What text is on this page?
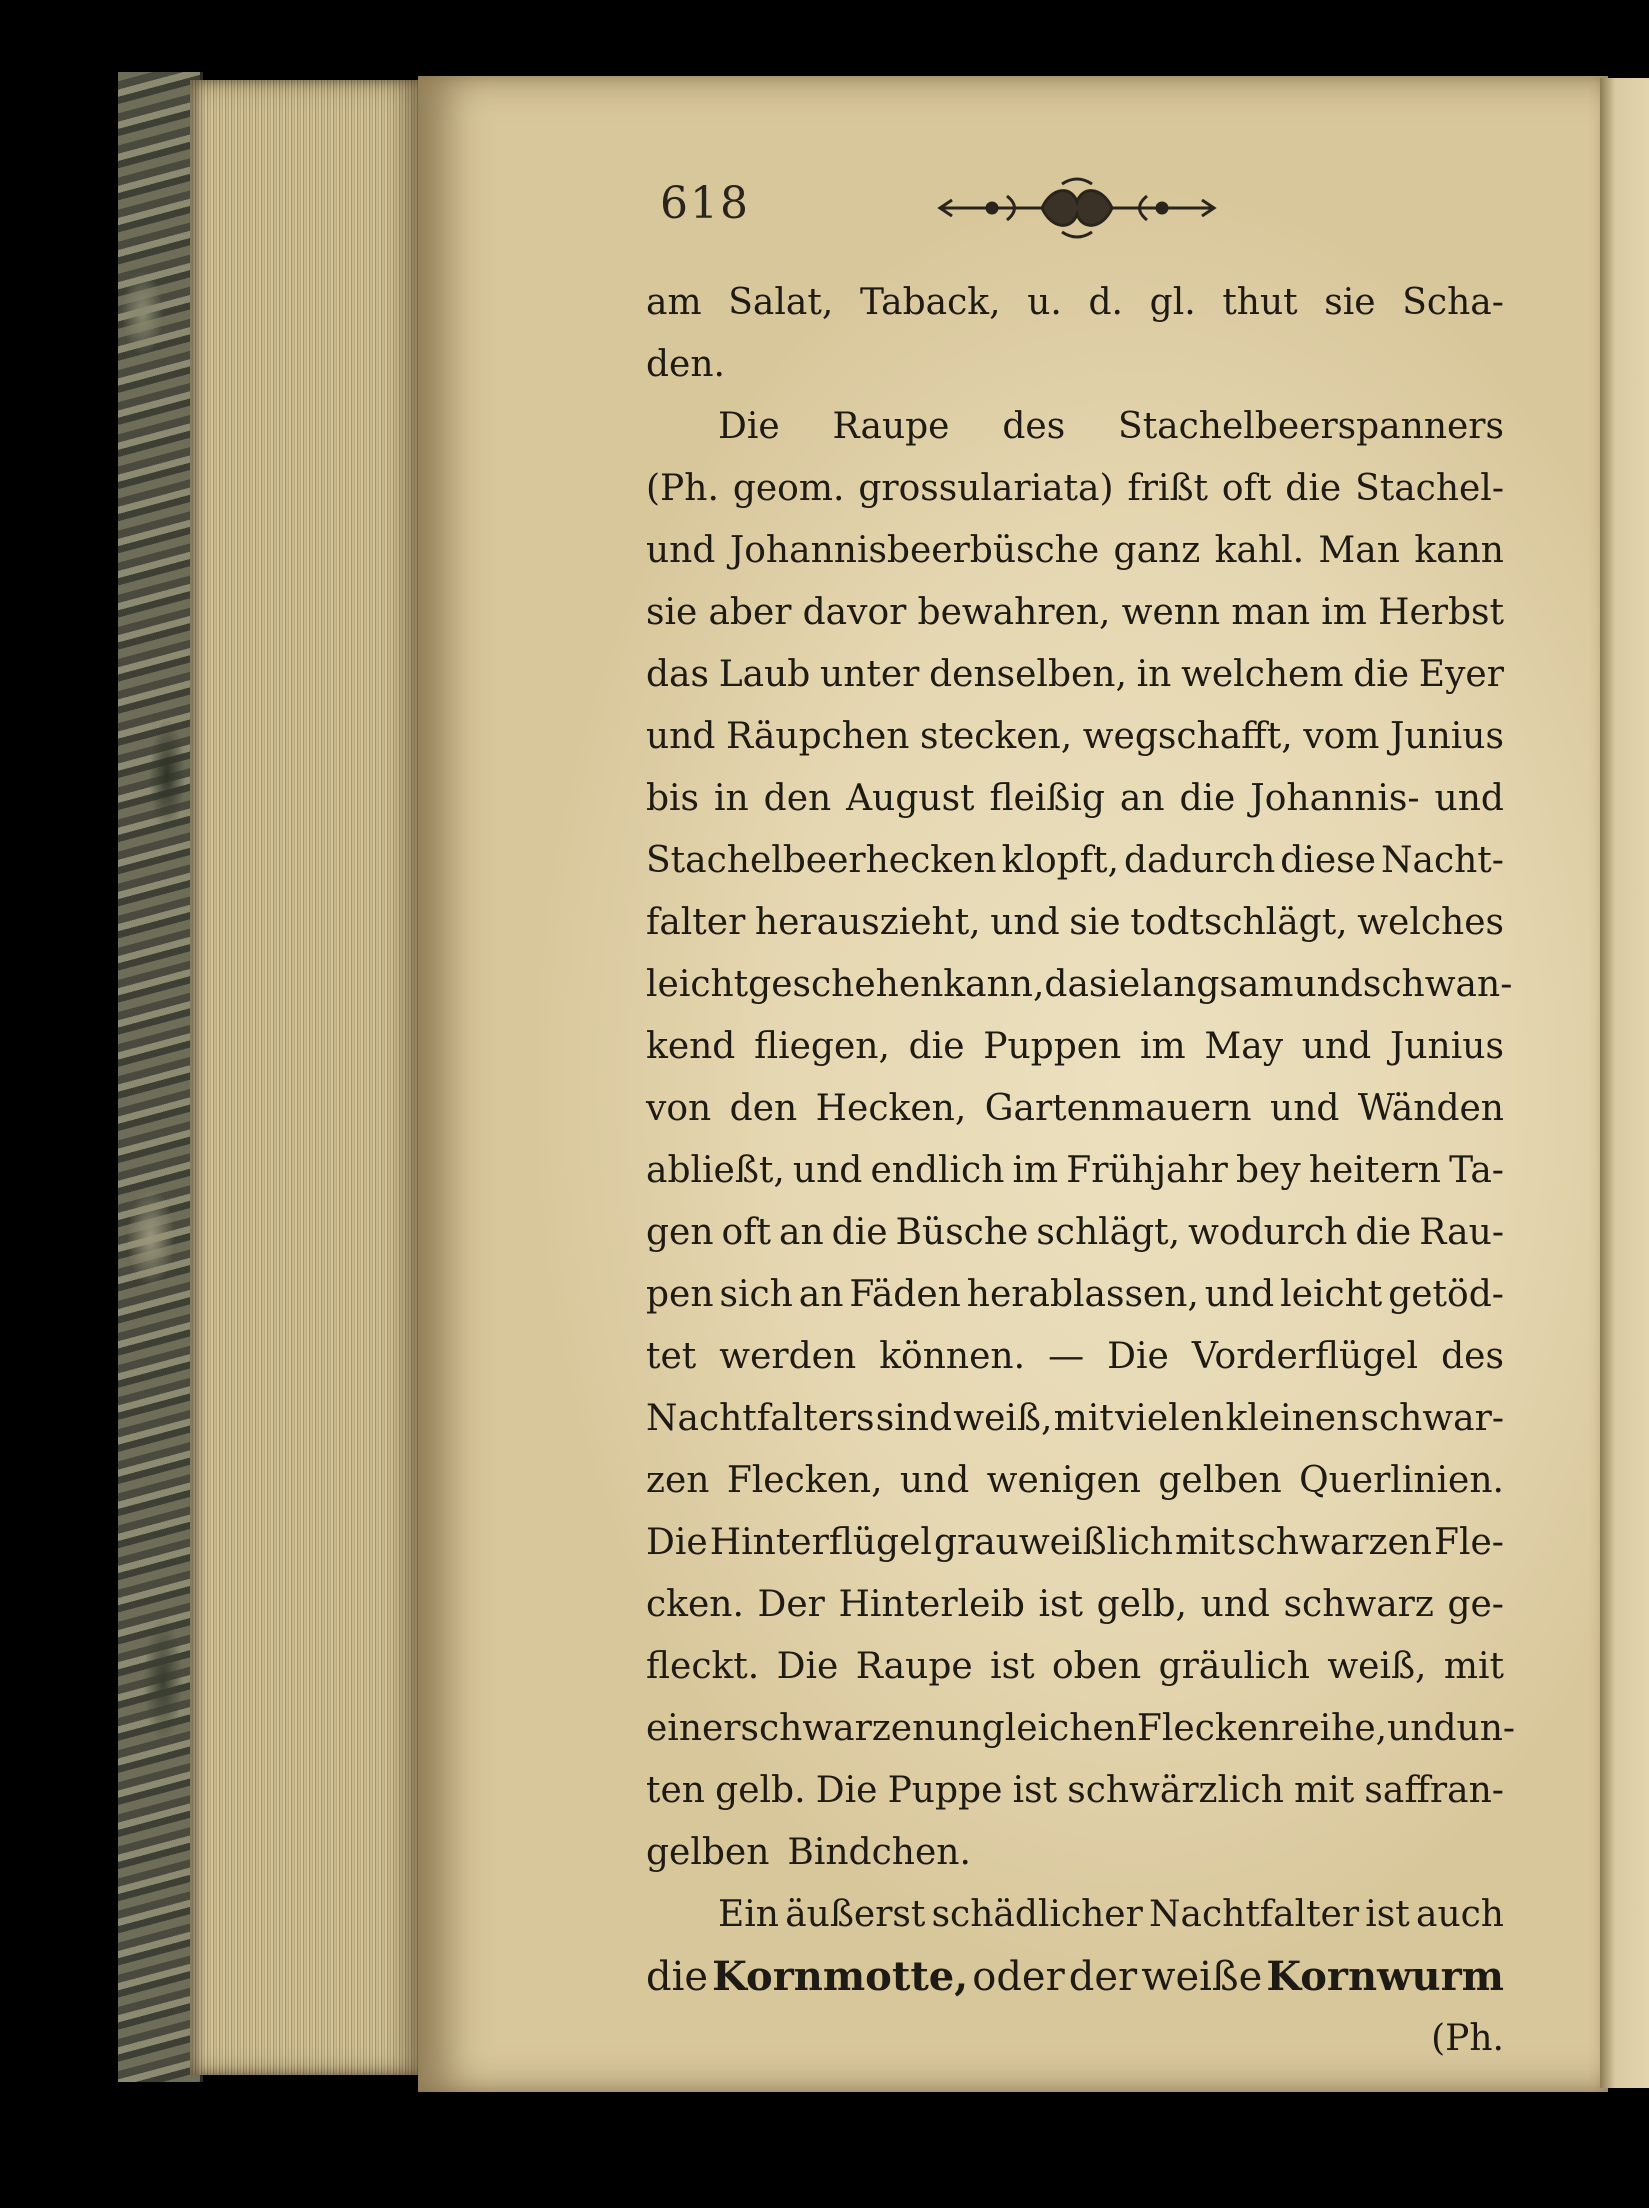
618
am Salat, Taback, u. d. gl. thut sie Scha-
den.
Die Raupe des Stachelbeerspanners
(Ph. geom. grossulariata) frißt oft die Stachel-
und Johannisbeerbüsche ganz kahl. Man kann
sie aber davor bewahren, wenn man im Herbst
das Laub unter denselben, in welchem die Eyer
und Räupchen stecken, wegschafft, vom Junius
bis in den August fleißig an die Johannis- und
Stachelbeerhecken klopft, dadurch diese Nacht-
falter herauszieht, und sie todtschlägt, welches
leicht geschehen kann, da sie langsam und schwan-
kend fliegen, die Puppen im May und Junius
von den Hecken, Gartenmauern und Wänden
abließt, und endlich im Frühjahr bey heitern Ta-
gen oft an die Büsche schlägt, wodurch die Rau-
pen sich an Fäden herablassen, und leicht getöd-
tet werden können. — Die Vorderflügel des
Nachtfalters sind weiß, mit vielen kleinen schwar-
zen Flecken, und wenigen gelben Querlinien.
Die Hinterflügel grauweißlich mit schwarzen Fle-
cken. Der Hinterleib ist gelb, und schwarz ge-
fleckt. Die Raupe ist oben gräulich weiß, mit
einer schwarzen ungleichen Fleckenreihe, und un-
ten gelb. Die Puppe ist schwärzlich mit saffran-
gelben Bindchen.
Ein äußerst schädlicher Nachtfalter ist auch
die Kornmotte, oder der weiße Kornwurm
(Ph.
